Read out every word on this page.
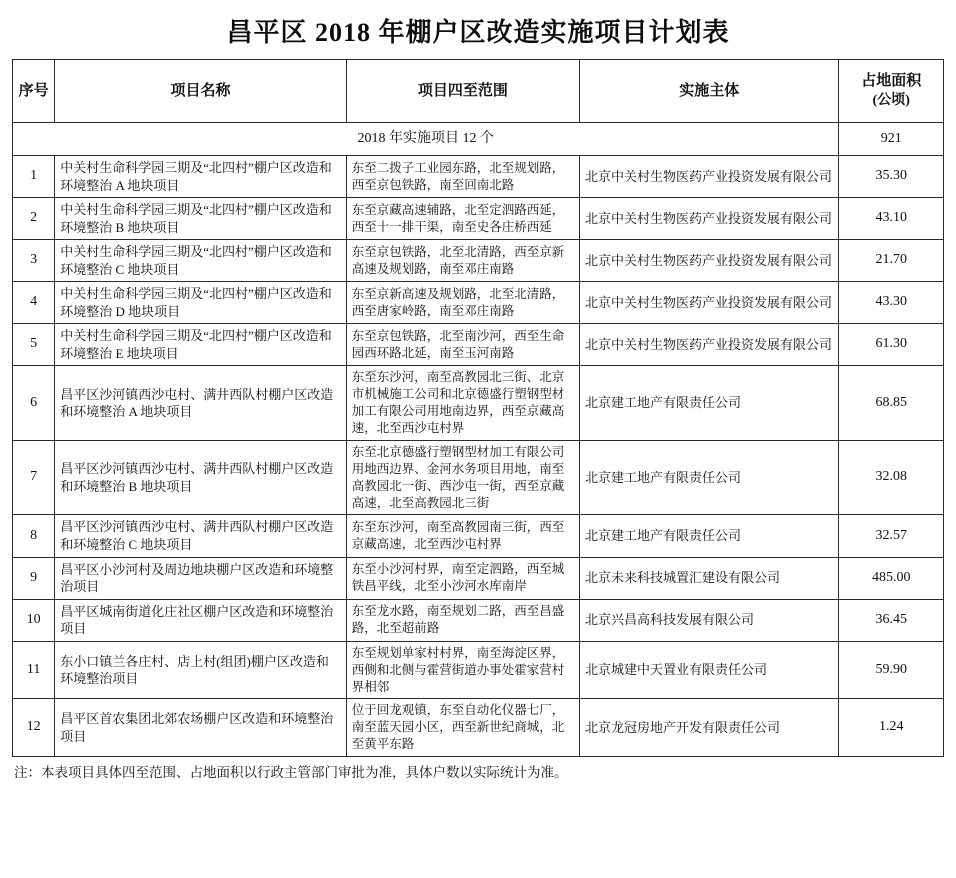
昌平区 2018 年棚户区改造实施项目计划表
序号	项目名称	项目四至范围	实施主体	占地面积
(公顷)

2018 年实施项目 12 个				921
1	中关村生命科学园三期及“北四村”棚户区改造和环境整治 A 地块项目	东至二拨子工业园东路，北至规划路，西至京包铁路，南至回南北路	北京中关村生物医药产业投资发展有限公司	35.30
2	中关村生命科学园三期及“北四村”棚户区改造和环境整治 B 地块项目	东至京藏高速辅路，北至定泗路西延，西至十一排干渠，南至史各庄桥西延	北京中关村生物医药产业投资发展有限公司	43.10
3	中关村生命科学园三期及“北四村”棚户区改造和环境整治 C 地块项目	东至京包铁路，北至北清路，西至京新高速及规划路，南至邓庄南路	北京中关村生物医药产业投资发展有限公司	21.70
4	中关村生命科学园三期及“北四村”棚户区改造和环境整治 D 地块项目	东至京新高速及规划路，北至北清路，西至唐家岭路，南至邓庄南路	北京中关村生物医药产业投资发展有限公司	43.30
5	中关村生命科学园三期及“北四村”棚户区改造和环境整治 E 地块项目	东至京包铁路，北至南沙河，西至生命园西环路北延，南至玉河南路	北京中关村生物医药产业投资发展有限公司	61.30
6	昌平区沙河镇西沙屯村、满井西队村棚户区改造和环境整治 A 地块项目	东至东沙河，南至高教园北三街、北京市机械施工公司和北京德盛行塑钢型材加工有限公司用地南边界，西至京藏高速，北至西沙屯村界	北京建工地产有限责任公司	68.85
7	昌平区沙河镇西沙屯村、满井西队村棚户区改造和环境整治 B 地块项目	东至北京德盛行塑钢型材加工有限公司用地西边界、金河水务项目用地，南至高教园北一街、西沙屯一街，西至京藏高速，北至高教园北三街	北京建工地产有限责任公司	32.08
8	昌平区沙河镇西沙屯村、满井西队村棚户区改造和环境整治 C 地块项目	东至东沙河，南至高教园南三街，西至京藏高速，北至西沙屯村界	北京建工地产有限责任公司	32.57
9	昌平区小沙河村及周边地块棚户区改造和环境整治项目	东至小沙河村界，南至定泗路，西至城铁昌平线，北至小沙河水库南岸	北京未来科技城置汇建设有限公司	485.00
10	昌平区城南街道化庄社区棚户区改造和环境整治项目	东至龙水路，南至规划二路，西至昌盛路，北至超前路	北京兴昌高科技发展有限公司	36.45
11	东小口镇兰各庄村、店上村(组团)棚户区改造和环境整治项目	东至规划单家村村界，南至海淀区界，西侧和北侧与霍营街道办事处霍家营村界相邻	北京城建中天置业有限责任公司	59.90
12	昌平区首农集团北郊农场棚户区改造和环境整治项目	位于回龙观镇，东至自动化仪器七厂，南至蓝天园小区，西至新世纪商城，北至黄平东路	北京龙冠房地产开发有限责任公司	1.24
注：本表项目具体四至范围、占地面积以行政主管部门审批为准，具体户数以实际统计为准。
